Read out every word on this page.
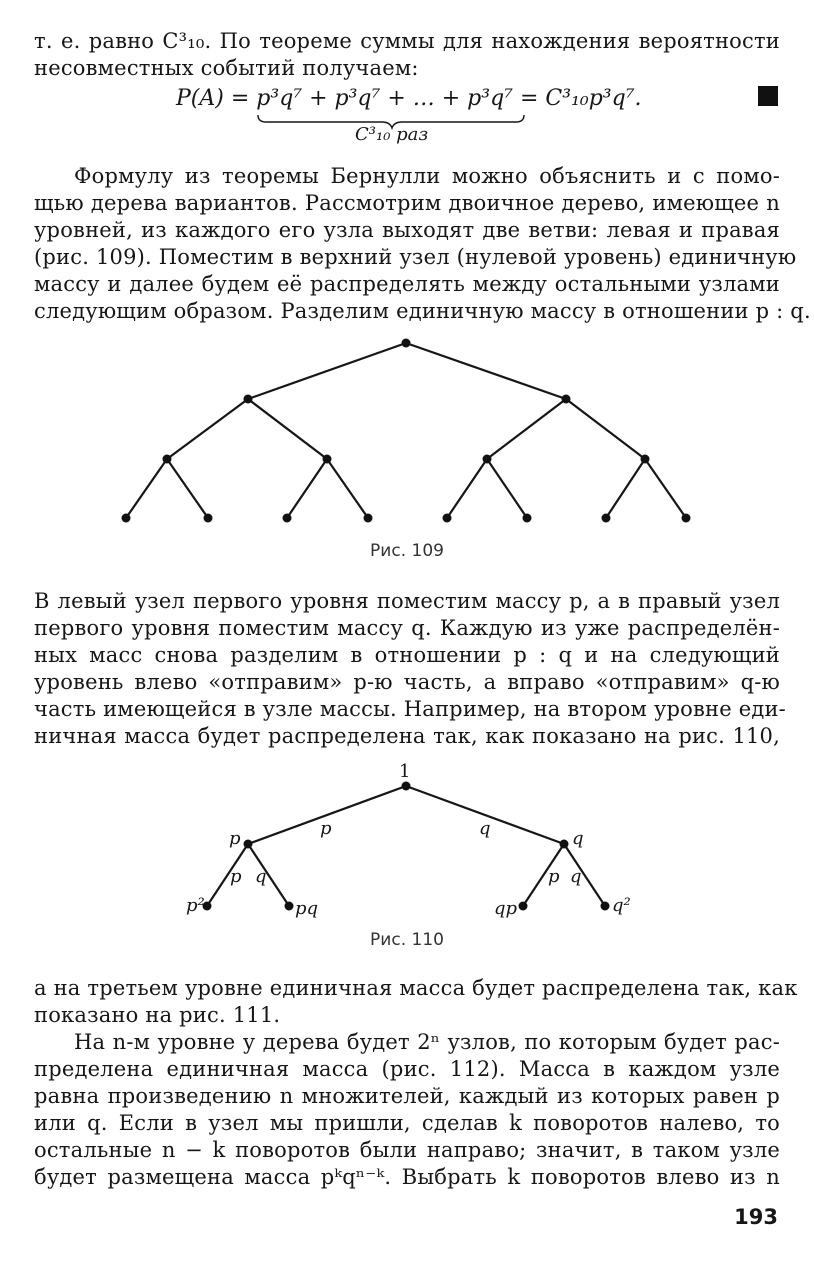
т. е. равно C³₁₀. По теореме суммы для нахождения вероятности
несовместных событий получаем:
P(A) = p³q⁷ + p³q⁷ + … + p³q⁷ = C³₁₀p³q⁷.
C³₁₀ раз
Формулу из теоремы Бернулли можно объяснить и с помо-
щью дерева вариантов. Рассмотрим двоичное дерево, имеющее n
уровней, из каждого его узла выходят две ветви: левая и правая
(рис. 109). Поместим в верхний узел (нулевой уровень) единичную
массу и далее будем её распределять между остальными узлами
следующим образом. Разделим единичную массу в отношении p : q.
Рис. 109
В левый узел первого уровня поместим массу p, а в правый узел
первого уровня поместим массу q. Каждую из уже распределён-
ных масс снова разделим в отношении p : q и на следующий
уровень влево «отправим» p-ю часть, а вправо «отправим» q-ю
часть имеющейся в узле массы. Например, на втором уровне еди-
ничная масса будет распределена так, как показано на рис. 110,
1
p	q
p	q
p q	p q
p²	pq	qp	q²
Рис. 110
а на третьем уровне единичная масса будет распределена так, как
показано на рис. 111.
На n-м уровне у дерева будет 2ⁿ узлов, по которым будет рас-
пределена единичная масса (рис. 112). Масса в каждом узле
равна произведению n множителей, каждый из которых равен p
или q. Если в узел мы пришли, сделав k поворотов налево, то
остальные n − k поворотов были направо; значит, в таком узле
будет размещена масса pᵏqⁿ⁻ᵏ. Выбрать k поворотов влево из n
193
